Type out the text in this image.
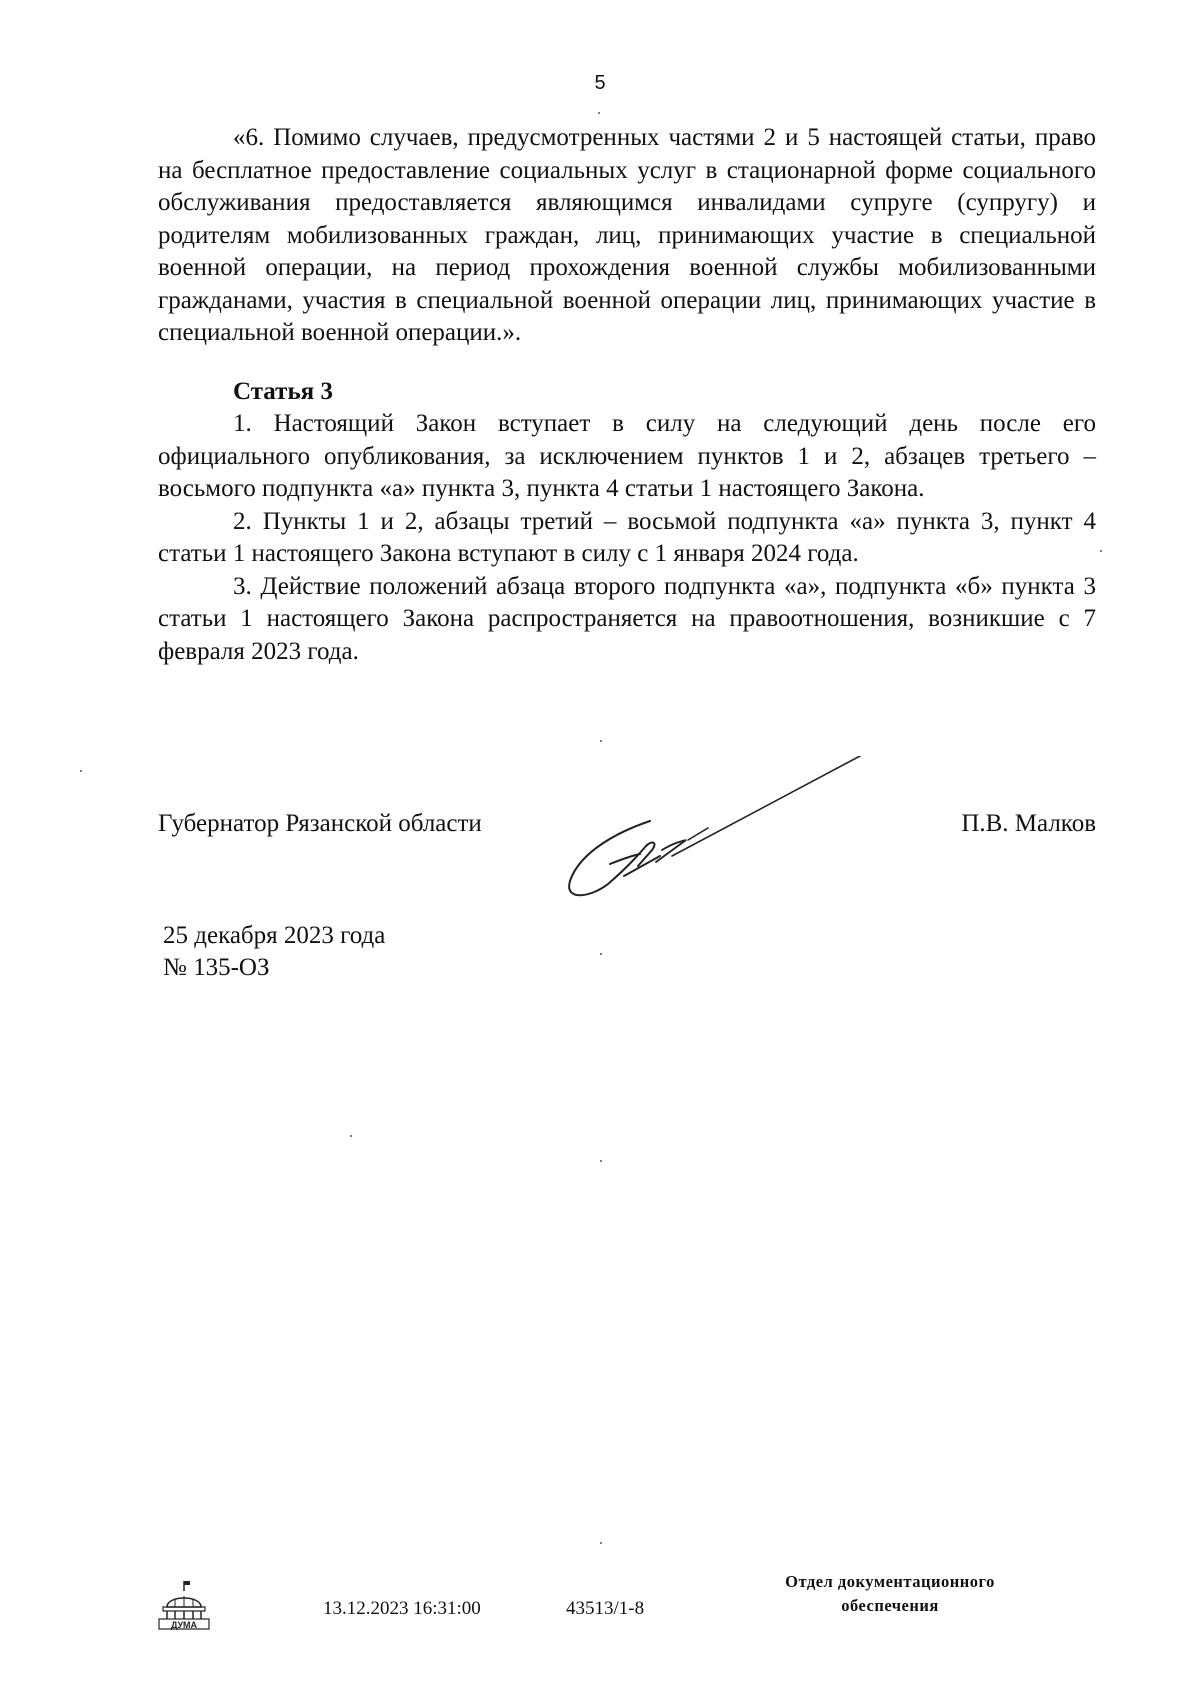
5

«6. Помимо случаев, предусмотренных частями 2 и 5 настоящей статьи, право на бесплатное предоставление социальных услуг в стационарной форме социального обслуживания предоставляется являющимся инвалидами супруге (супругу) и родителям мобилизованных граждан, лиц, принимающих участие в специальной военной операции, на период прохождения военной службы мобилизованными гражданами, участия в специальной военной операции лиц, принимающих участие в специальной военной операции.».

Статья 3

1. Настоящий Закон вступает в силу на следующий день после его официального опубликования, за исключением пунктов 1 и 2, абзацев третьего – восьмого подпункта «а» пункта 3, пункта 4 статьи 1 настоящего Закона.

2. Пункты 1 и 2, абзацы третий – восьмой подпункта «а» пункта 3, пункт 4 статьи 1 настоящего Закона вступают в силу с 1 января 2024 года.

3. Действие положений абзаца второго подпункта «а», подпункта «б» пункта 3 статьи 1 настоящего Закона распространяется на правоотношения, возникшие с 7 февраля 2023 года.

Губернатор Рязанской области	П.В. Малков
25 декабря 2023 года
№ 135-ОЗ
ДУМА
13.12.2023 16:31:00	43513/1-8
Отдел документационного
обеспечения
